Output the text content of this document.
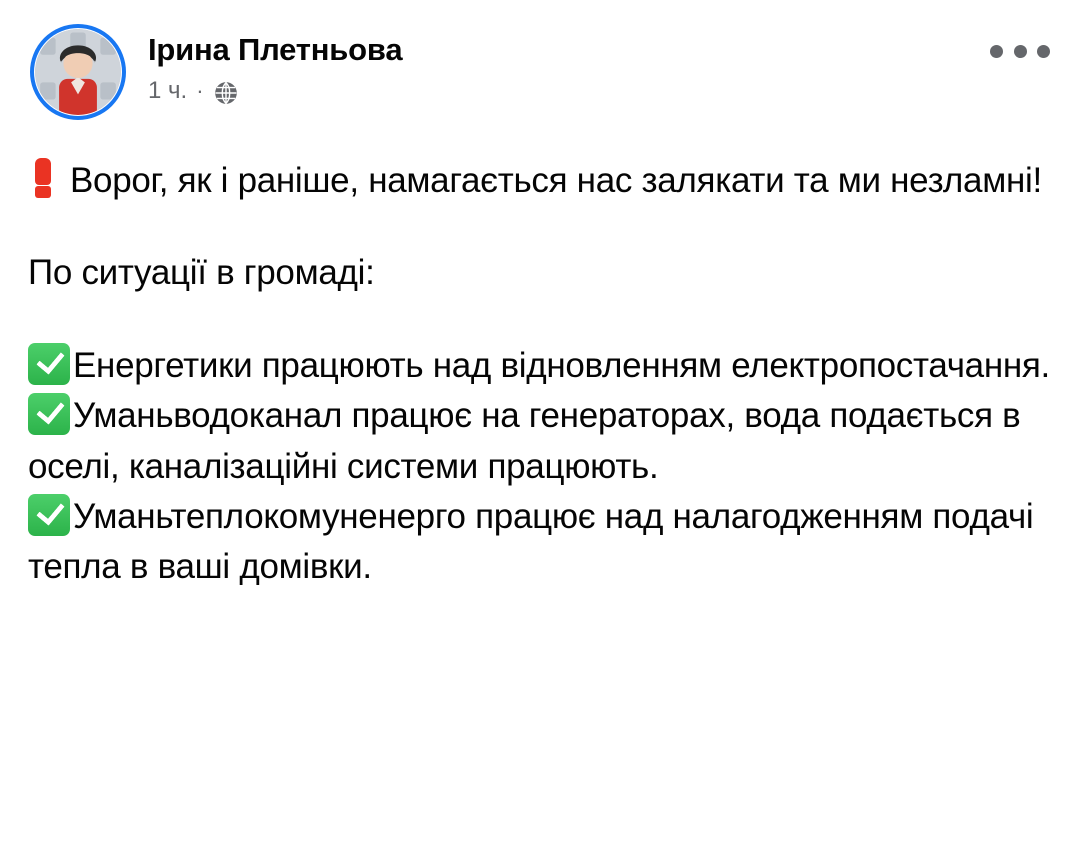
Ірина Плетньова
1 ч. ·

Ворог, як і раніше, намагається нас залякати та ми незламні!

По ситуації в громаді:

Енергетики працюють над відновленням електропостачання.

Уманьводоканал працює на генераторах, вода подається в оселі, каналізаційні системи працюють.

Уманьтеплокомуненерго працює над налагодженням подачі тепла в ваші домівки.
